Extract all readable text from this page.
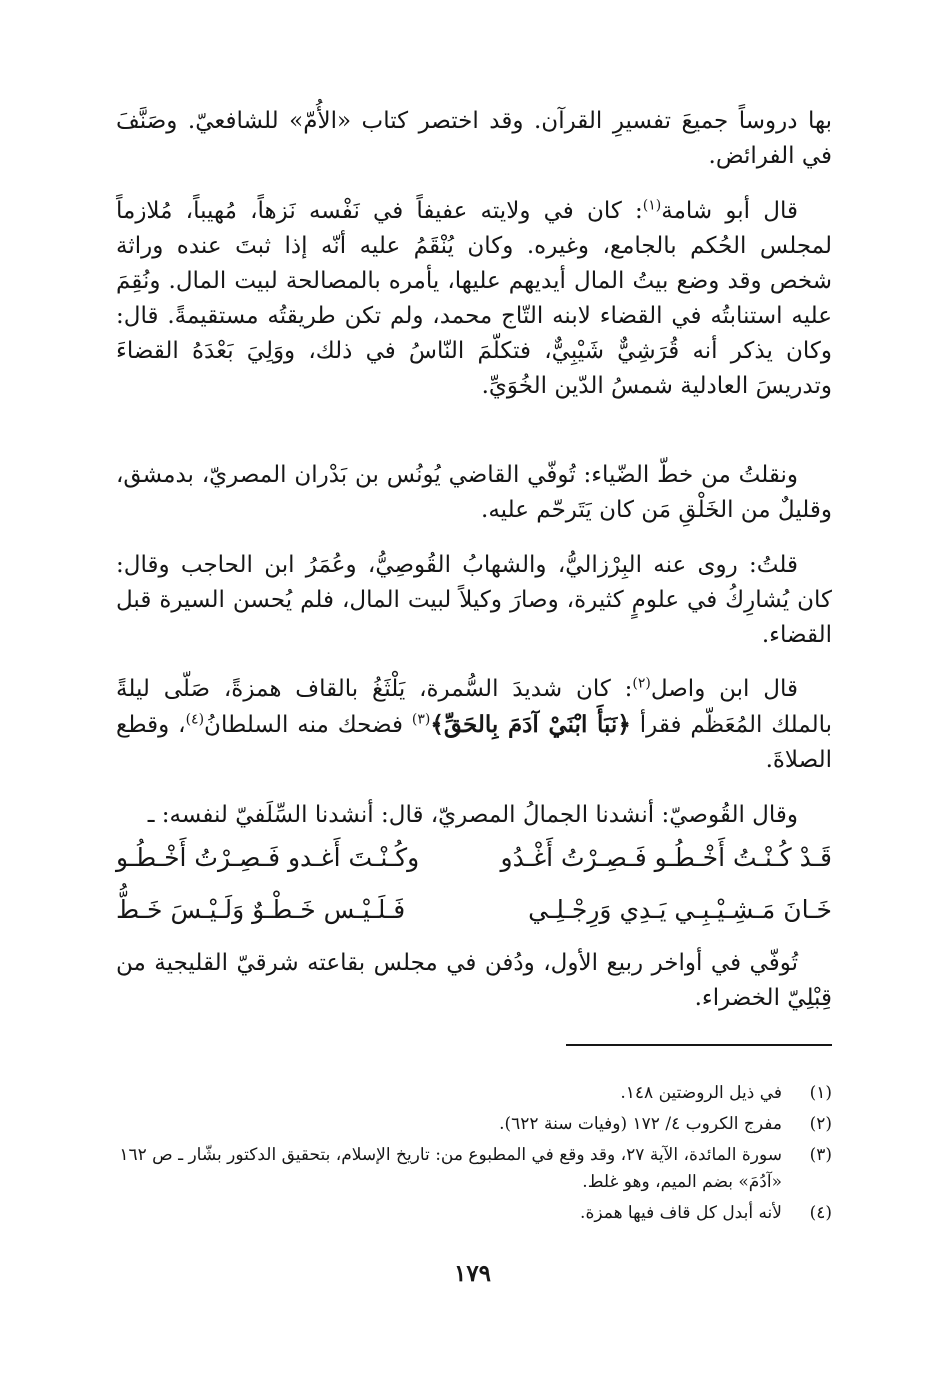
بها دروساً جميعَ تفسيرِ القرآن. وقد اختصر كتاب «الأُمّ» للشافعيّ. وصَنَّفَ في الفرائض.

قال أبو شامة$^{(١)}$: كان في ولايته عفيفاً في نَفْسه نَزهاً، مُهيباً، مُلازماً لمجلس الحُكم بالجامع، وغيره. وكان يُنْقَمُ عليه أنّه إذا ثبتَ عنده وراثة شخص وقد وضع بيتُ المال أيديهم عليها، يأمره بالمصالحة لبيت المال. ونُقِمَ عليه استنابتُه في القضاء لابنه التّاج محمد، ولم تكن طريقتُه مستقيمةً. قال: وكان يذكر أنه قُرَشِيٌّ شَيْبِيٌّ، فتكلّمَ النّاسُ في ذلك، ووَلِيَ بَعْدَهُ القضاءَ وتدريسَ العادلية شمسُ الدّين الخُوَيِّ.

ونقلتُ من خطّ الضّياء: تُوفّي القاضي يُونُس بن بَدْران المصريّ، بدمشق، وقليلٌ من الخَلْقِ مَن كان يَتَرحّم عليه.

قلتُ: روى عنه البِرْزاليُّ، والشهابُ القُوصِيُّ، وعُمَرُ ابن الحاجب وقال: كان يُشارِكُ في علومٍ كثيرة، وصارَ وكيلاً لبيت المال، فلم يُحسن السيرة قبل القضاء.

قال ابن واصل$^{(٢)}$: كان شديدَ السُّمرة، يَلْثَغُ بالقاف همزةً، صَلّى ليلةً بالملك المُعَظّم فقرأ ﴿نَبَأَ ابْنَيْ آدَمَ بِالحَقِّ﴾$^{(٣)}$ فضحك منه السلطانُ$^{(٤)}$، وقطع الصلاةَ.

وقال القُوصيّ: أنشدنا الجمالُ المصريّ، قال: أنشدنا السِّلَفيّ لنفسه: ـ

قَـدْ كُـنْـتُ أَخْـطُـو فَـصِـرْتُ أَغْـدُو
وكُـنْـتَ أَغـدو فَـصِـرْتُ أَخْـطُـو
خَـانَ مَـشِـيْـبِـي يَـدِي وَرِجْـلِـي
فَـلَـيْـس خَـطْـوٌ وَلَـيْـسَ خَـطُّ

تُوفّي في أواخر ربيع الأول، ودُفن في مجلس بقاعته شرقيّ القليجية من قِبْلِيّ الخضراء.

(١)
في ذيل الروضتين ١٤٨.
(٢)
مفرج الكروب ٤/ ١٧٢ (وفيات سنة ٦٢٢).
(٣)
سورة المائدة، الآية ٢٧، وقد وقع في المطبوع من: تاريخ الإسلام، بتحقيق الدكتور بشّار ـ ص ١٦٢ «آدُمَ» بضم الميم، وهو غلط.
(٤)
لأنه أبدل كل قاف فيها همزة.
١٧٩
